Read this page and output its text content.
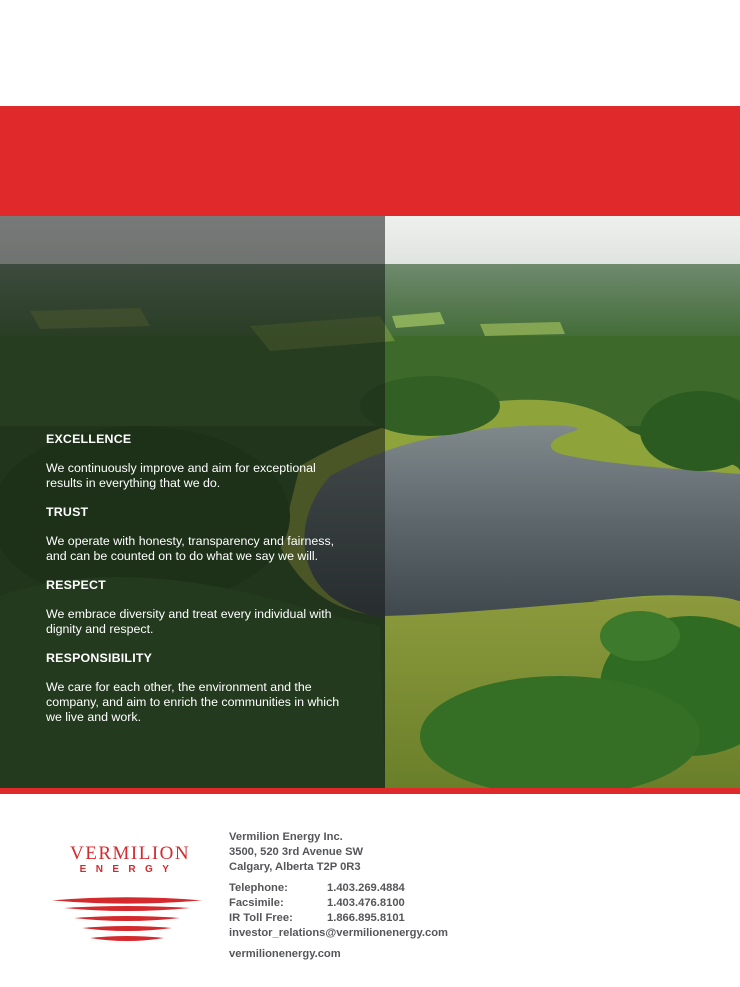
EXCELLENCE

We continuously improve and aim for exceptional results in everything that we do.

TRUST

We operate with honesty, transparency and fairness, and can be counted on to do what we say we will.

RESPECT

We embrace diversity and treat every individual with dignity and respect.

RESPONSIBILITY

We care for each other, the environment and the company, and aim to enrich the communities in which we live and work.

VERMILION
ENERGY
Vermilion Energy Inc.
3500, 520 3rd Avenue SW
Calgary, Alberta T2P 0R3
Telephone:	1.403.269.4884
Facsimile:	1.403.476.8100
IR Toll Free:	1.866.895.8101
investor_relations@vermilionenergy.com
vermilionenergy.com
